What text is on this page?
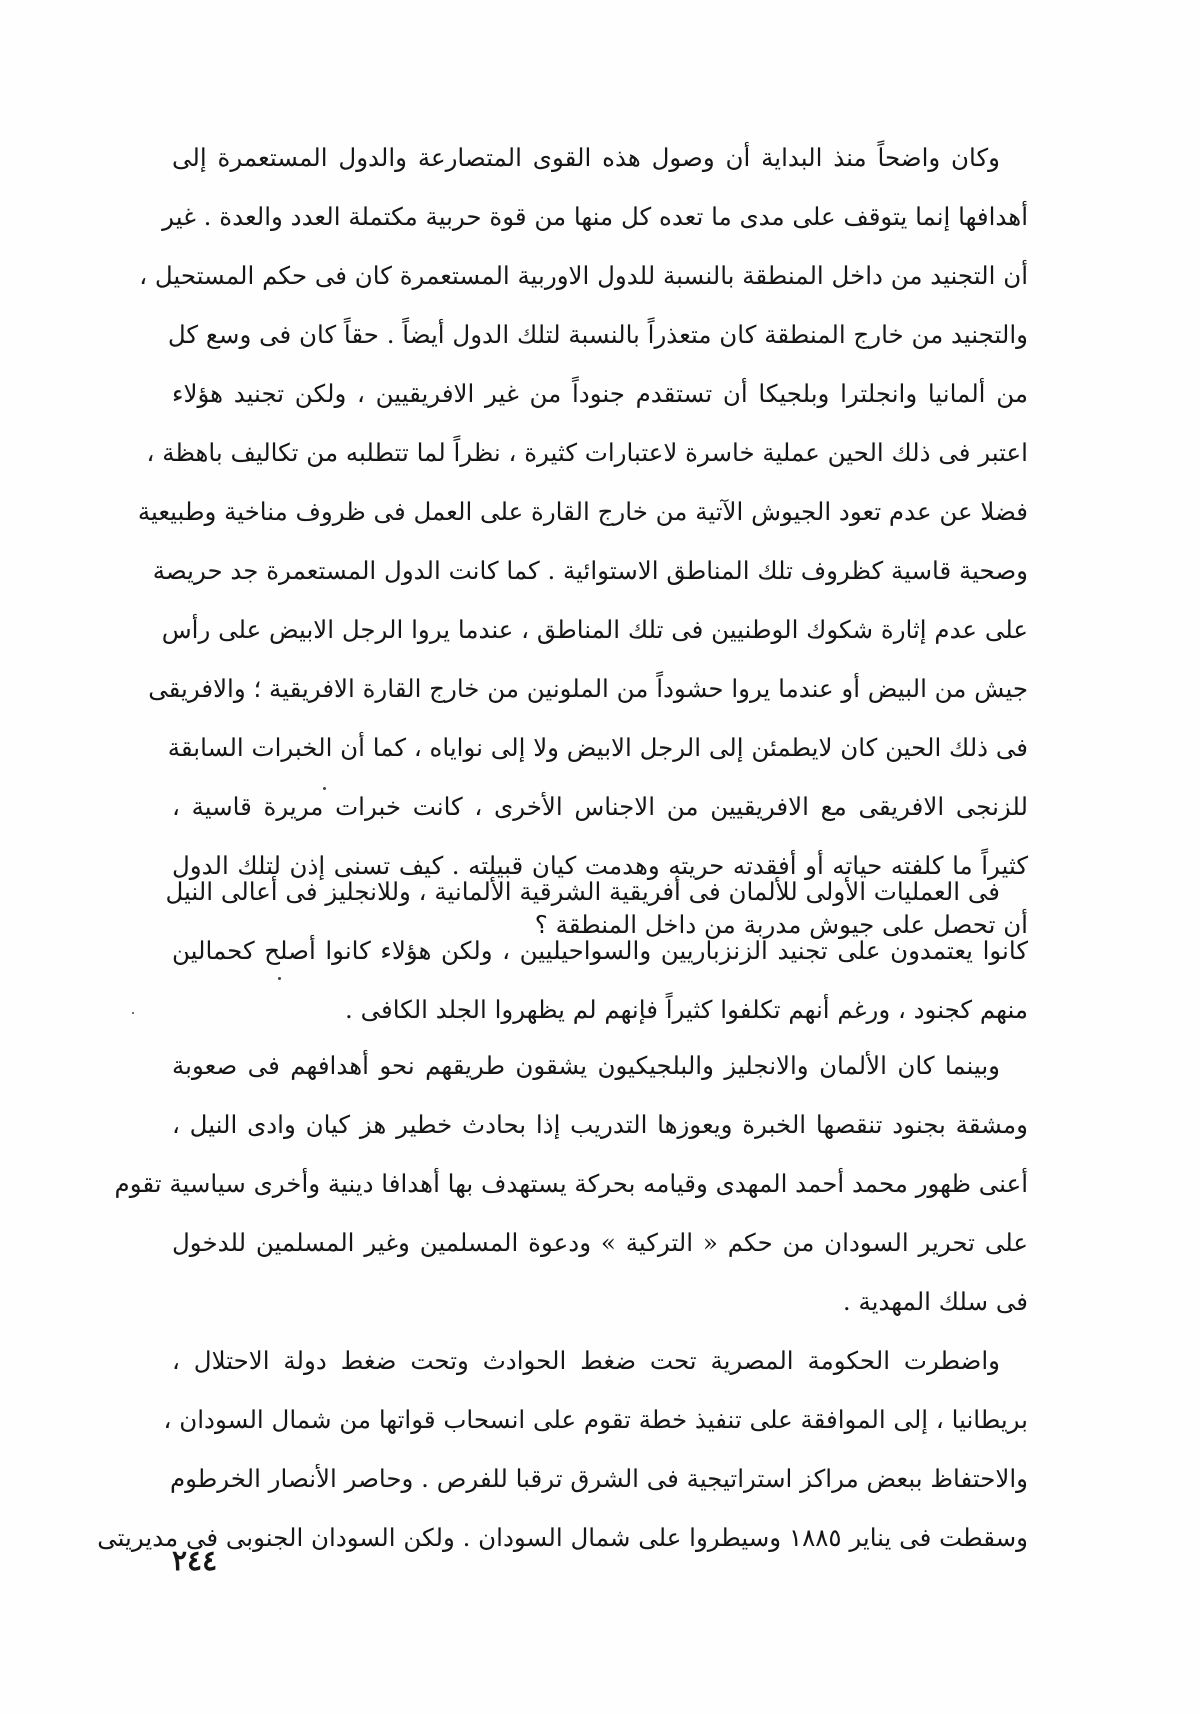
وكان واضحاً منذ البداية أن وصول هذه القوى المتصارعة والدول المستعمرة إلى
أهدافها إنما يتوقف على مدى ما تعده كل منها من قوة حربية مكتملة العدد والعدة . غير
أن التجنيد من داخل المنطقة بالنسبة للدول الاوربية المستعمرة كان فى حكم المستحيل ،
والتجنيد من خارج المنطقة كان متعذراً بالنسبة لتلك الدول أيضاً . حقاً كان فى وسع كل
من ألمانيا وانجلترا وبلجيكا أن تستقدم جنوداً من غير الافريقيين ، ولكن تجنيد هؤلاء
اعتبر فى ذلك الحين عملية خاسرة لاعتبارات كثيرة ، نظراً لما تتطلبه من تكاليف باهظة ،
فضلا عن عدم تعود الجيوش الآتية من خارج القارة على العمل فى ظروف مناخية وطبيعية
وصحية قاسية كظروف تلك المناطق الاستوائية . كما كانت الدول المستعمرة جد حريصة
على عدم إثارة شكوك الوطنيين فى تلك المناطق ، عندما يروا الرجل الابيض على رأس
جيش من البيض أو عندما يروا حشوداً من الملونين من خارج القارة الافريقية ؛ والافريقى
فى ذلك الحين كان لايطمئن إلى الرجل الابيض ولا إلى نواياه ، كما أن الخبرات السابقة
للزنجى الافريقى مع الافريقيين من الاجناس الأخرى ، كانت خبرات مريرة قاسية ،
كثيراً ما كلفته حياته أو أفقدته حريته وهدمت كيان قبيلته . كيف تسنى إذن لتلك الدول
أن تحصل على جيوش مدربة من داخل المنطقة ؟
فى العمليات الأولى للألمان فى أفريقية الشرقية الألمانية ، وللانجليز فى أعالى النيل
كانوا يعتمدون على تجنيد الزنزباريين والسواحيليين ، ولكن هؤلاء كانوا أصلح كحمالين
منهم كجنود ، ورغم أنهم تكلفوا كثيراً فإنهم لم يظهروا الجلد الكافى .
وبينما كان الألمان والانجليز والبلجيكيون يشقون طريقهم نحو أهدافهم فى صعوبة
ومشقة بجنود تنقصها الخبرة ويعوزها التدريب إذا بحادث خطير هز كيان وادى النيل ،
أعنى ظهور محمد أحمد المهدى وقيامه بحركة يستهدف بها أهدافا دينية وأخرى سياسية تقوم
على تحرير السودان من حكم « التركية » ودعوة المسلمين وغير المسلمين للدخول
فى سلك المهدية .
واضطرت الحكومة المصرية تحت ضغط الحوادث وتحت ضغط دولة الاحتلال ،
بريطانيا ، إلى الموافقة على تنفيذ خطة تقوم على انسحاب قواتها من شمال السودان ،
والاحتفاظ ببعض مراكز استراتيجية فى الشرق ترقبا للفرص . وحاصر الأنصار الخرطوم
وسقطت فى يناير ١٨٨٥ وسيطروا على شمال السودان . ولكن السودان الجنوبى فى مديريتى
٢٤٤
